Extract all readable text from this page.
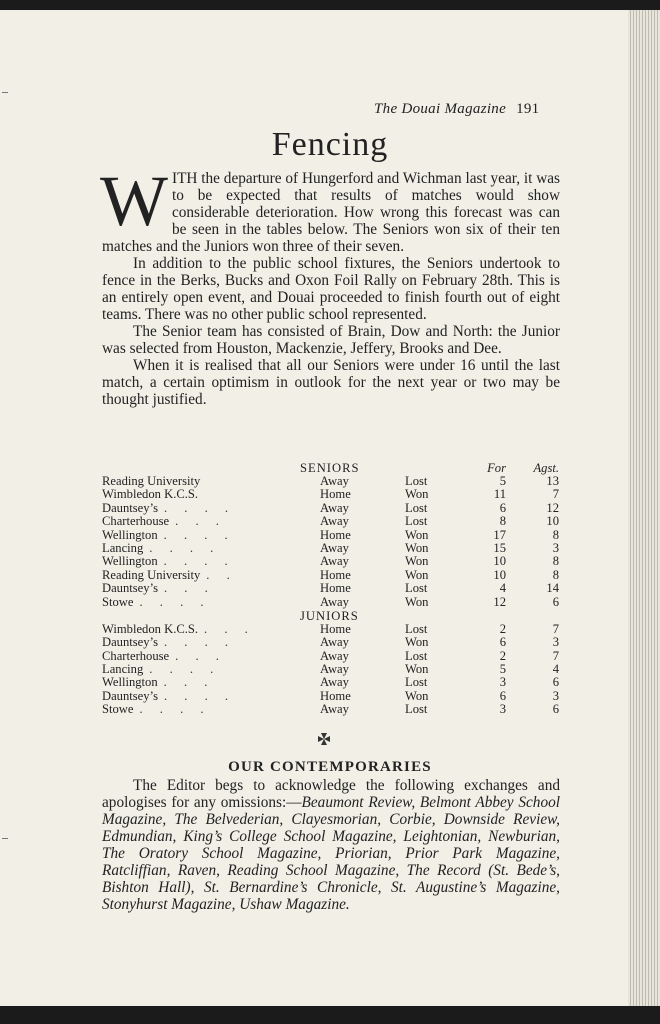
The Douai Magazine 191
Fencing
W ITH the departure of Hungerford and Wichman last year, it was to be expected that results of matches would show considerable deterioration. How wrong this forecast was can be seen in the tables below. The Seniors won six of their ten matches and the Juniors won three of their seven.

In addition to the public school fixtures, the Seniors undertook to fence in the Berks, Bucks and Oxon Foil Rally on February 28th. This is an entirely open event, and Douai proceeded to finish fourth out of eight teams. There was no other public school represented.

The Senior team has consisted of Brain, Dow and North: the Junior was selected from Houston, Mackenzie, Jeffery, Brooks and Dee.

When it is realised that all our Seniors were under 16 until the last match, a certain optimism in outlook for the next year or two may be thought justified.

SENIORS	For Agst.
Reading University	Away	Lost	5	13
Wimbledon K.C.S.	Home	Won	11	7
Dauntsey’s	Away	Lost	6	12
. . . .
Charterhouse	Away	Lost	8	10
. . .
Wellington	Home	Won	17	8
. . . .
Lancing	Away	Won	15	3
. . . .
Wellington	Away	Won	10	8
. . . .
Reading University	Home	Won	10	8
. .
Dauntsey’s	Home	Lost	4	14
. . .
Stowe	Away	Won	12	6
. . . .
JUNIORS
Wimbledon K.C.S.	Home	Lost	2	7
. . .
Dauntsey’s	Away	Won	6	3
. . . .
Charterhouse	Away	Lost	2	7
. . .
Lancing	Away	Won	5	4
. . . .
Wellington	Away	Lost	3	6
. . .
Dauntsey’s	Home	Won	6	3
. . . .
Stowe	Away	Lost	3	6
. . . .
OUR CONTEMPORARIES
The Editor begs to acknowledge the following exchanges and apologises for any omissions:—Beaumont Review, Belmont Abbey School Magazine, The Belvederian, Clayesmorian, Corbie, Downside Review, Edmundian, King’s College School Magazine, Leightonian, Newburian, The Oratory School Magazine, Priorian, Prior Park Magazine, Ratcliffian, Raven, Reading School Magazine, The Record (St. Bede’s, Bishton Hall), St. Bernardine’s Chronicle, St. Augustine’s Magazine, Stonyhurst Magazine, Ushaw Magazine.
